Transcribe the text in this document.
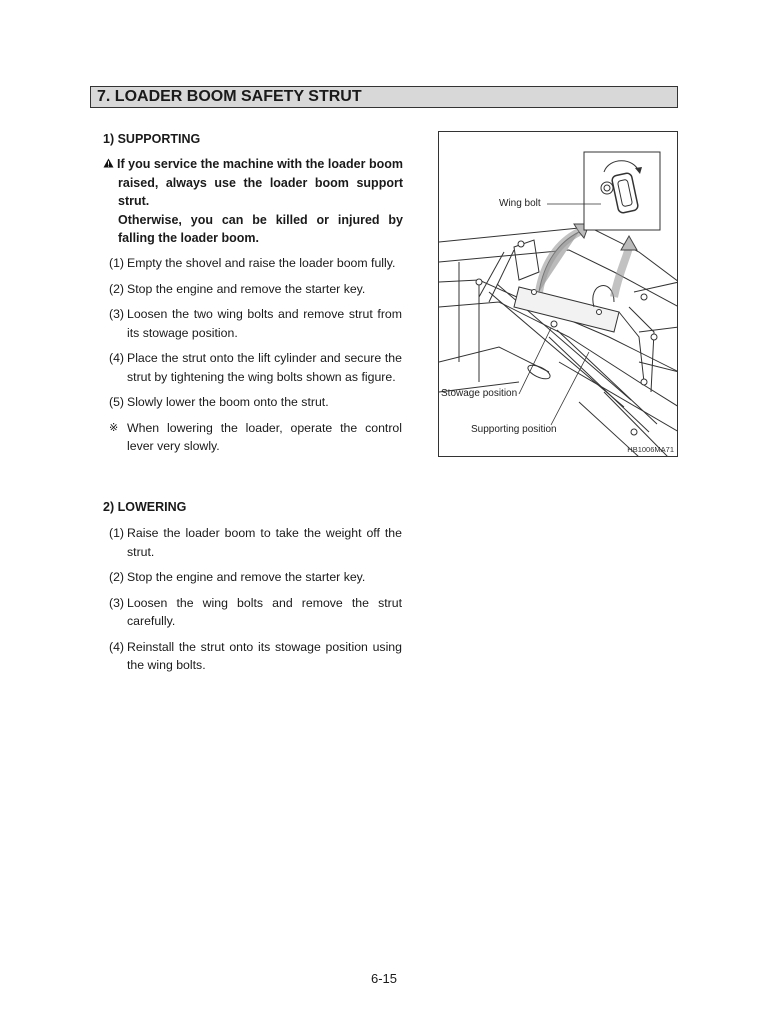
7. LOADER BOOM SAFETY STRUT
1) SUPPORTING
If you service the machine with the loader boom raised, always use the loader boom support strut.
Otherwise, you can be killed or injured by falling the loader boom.
(1) Empty the shovel and raise the loader boom fully.
(2) Stop the engine and remove the starter key.
(3) Loosen the two wing bolts and remove strut from its stowage position.
(4) Place the strut onto the lift cylinder and secure the strut by tightening the wing bolts shown as figure.
(5) Slowly lower the boom onto the strut.
※ When lowering the loader, operate the control lever very slowly.
2) LOWERING
(1) Raise the loader boom to take the weight off the strut.
(2) Stop the engine and remove the starter key.
(3) Loosen the wing bolts and remove the strut carefully.
(4) Reinstall the strut onto its stowage position using the wing bolts.
Wing bolt
Stowage position
Supporting position
HB1006MA71
6-15
